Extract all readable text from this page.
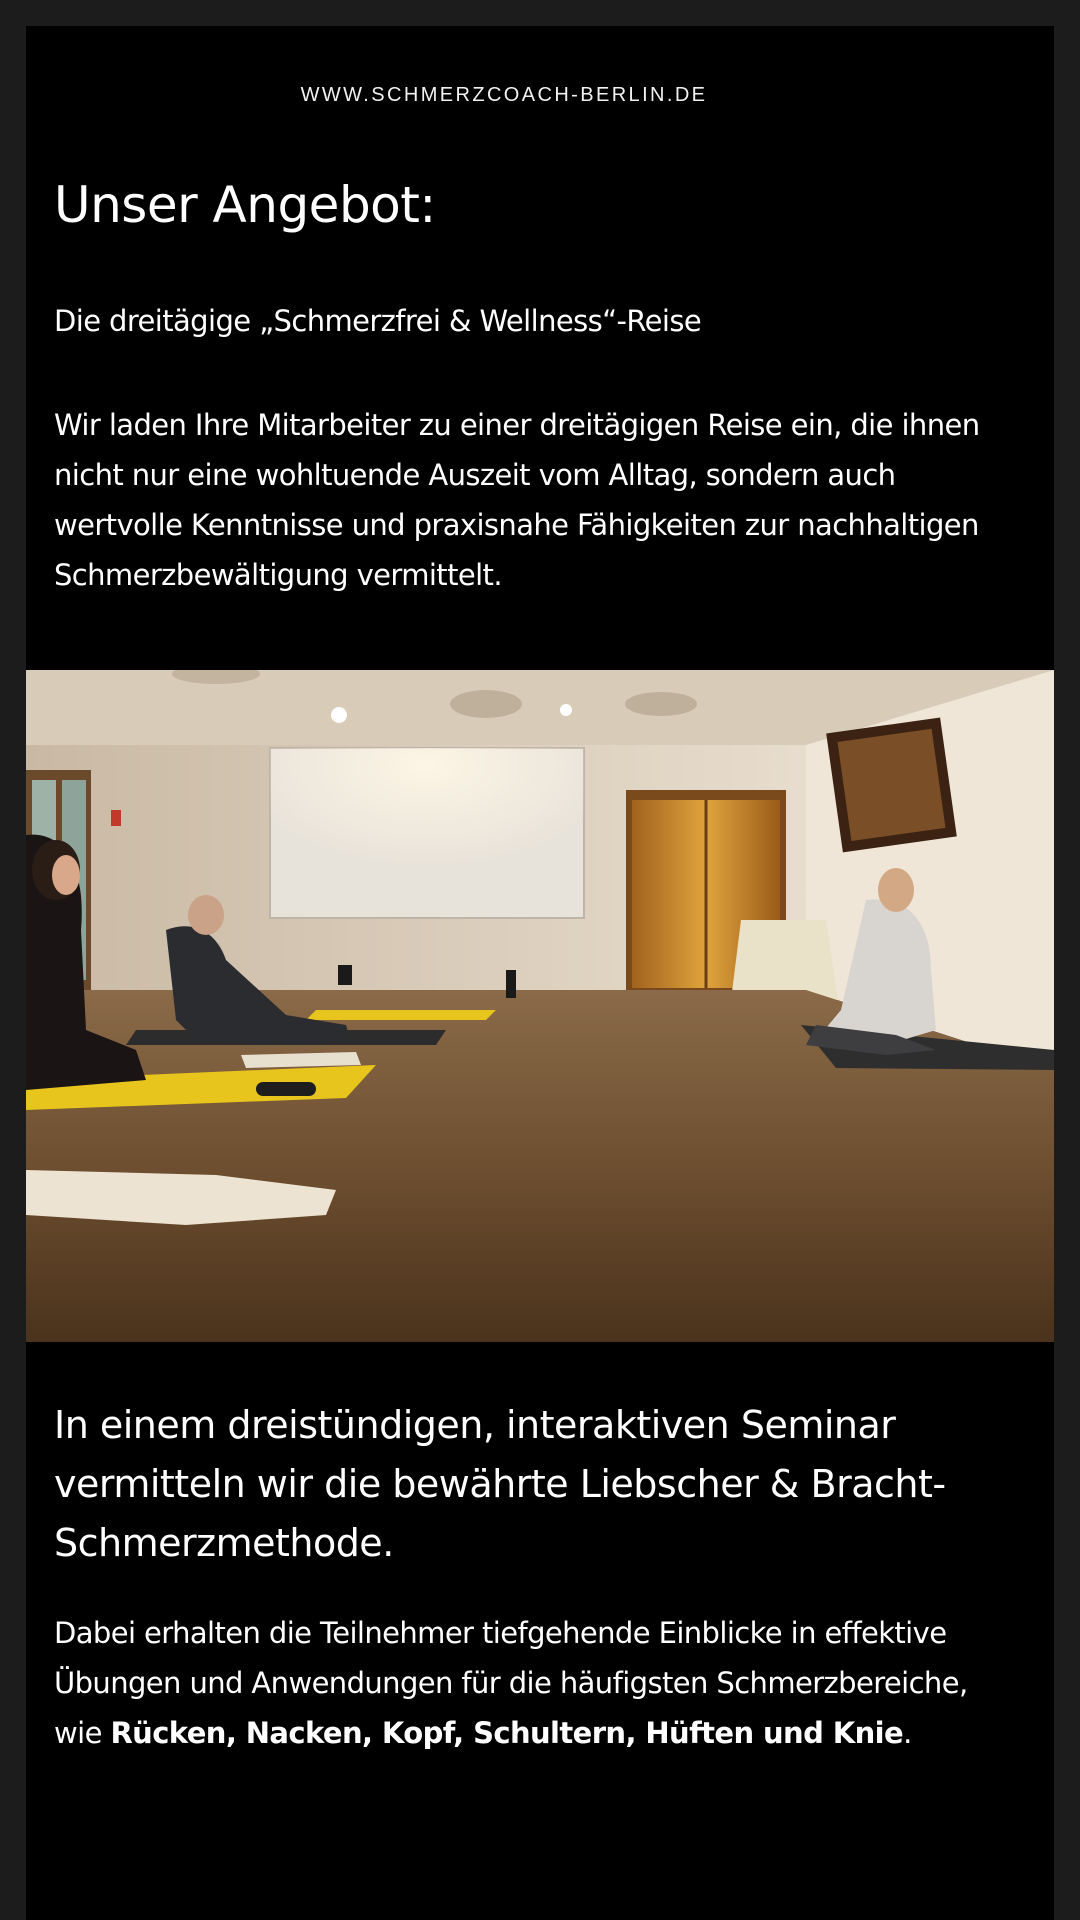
WWW.SCHMERZCOACH-BERLIN.DE
Unser Angebot:

Die dreitägige „Schmerzfrei & Wellness“-Reise

Wir laden Ihre Mitarbeiter zu einer dreitägigen Reise ein, die ihnen nicht nur eine wohltuende Auszeit vom Alltag, sondern auch wertvolle Kenntnisse und praxisnahe Fähigkeiten zur nachhaltigen Schmerzbewältigung vermittelt.

In einem dreistündigen, interaktiven Seminar vermitteln wir die bewährte Liebscher & Bracht-Schmerzmethode.

Dabei erhalten die Teilnehmer tiefgehende Einblicke in effektive Übungen und Anwendungen für die häufigsten Schmerzbereiche, wie Rücken, Nacken, Kopf, Schultern, Hüften und Knie.
